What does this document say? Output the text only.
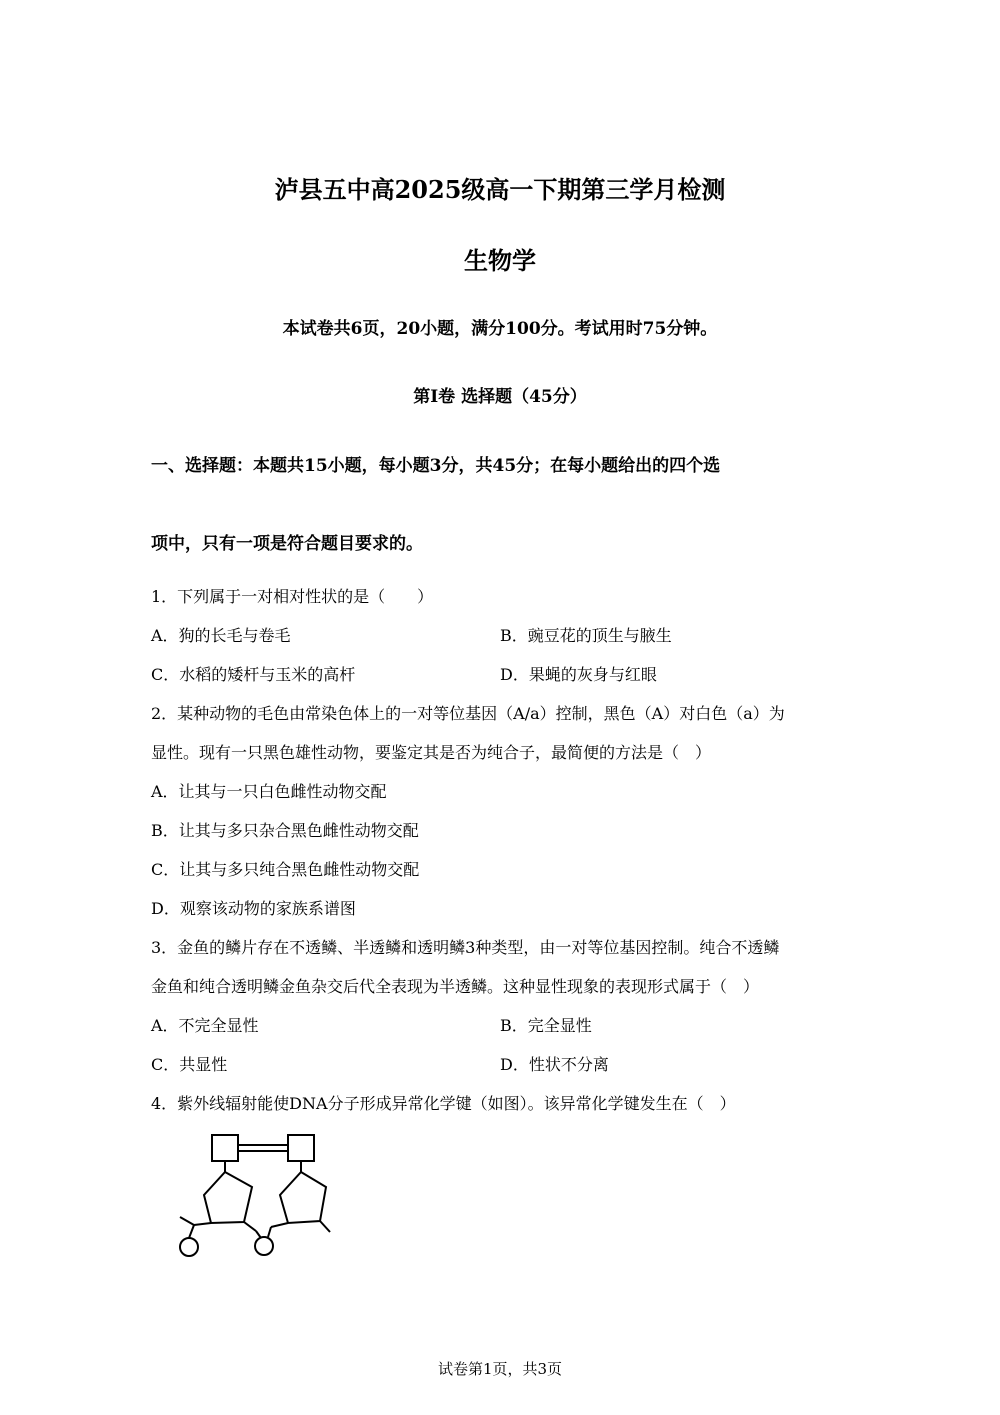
泸县五中高2025级高一下期第三学月检测
生物学
本试卷共6页，20小题，满分100分。考试用时75分钟。
第I卷 选择题（45分）
一、选择题：本题共15小题，每小题3分，共45分；在每小题给出的四个选
项中，只有一项是符合题目要求的。
1．下列属于一对相对性状的是（　　）
A．狗的长毛与卷毛	B．豌豆花的顶生与腋生
C．水稻的矮杆与玉米的高杆	D．果蝇的灰身与红眼
2．某种动物的毛色由常染色体上的一对等位基因（A/a）控制，黑色（A）对白色（a）为
显性。现有一只黑色雄性动物，要鉴定其是否为纯合子，最简便的方法是（　）
A．让其与一只白色雌性动物交配
B．让其与多只杂合黑色雌性动物交配
C．让其与多只纯合黑色雌性动物交配
D．观察该动物的家族系谱图
3．金鱼的鳞片存在不透鳞、半透鳞和透明鳞3种类型，由一对等位基因控制。纯合不透鳞
金鱼和纯合透明鳞金鱼杂交后代全表现为半透鳞。这种显性现象的表现形式属于（　）
A．不完全显性	B．完全显性
C．共显性	D．性状不分离
4．紫外线辐射能使DNA分子形成异常化学键（如图）。该异常化学键发生在（　）
试卷第1页，共3页
